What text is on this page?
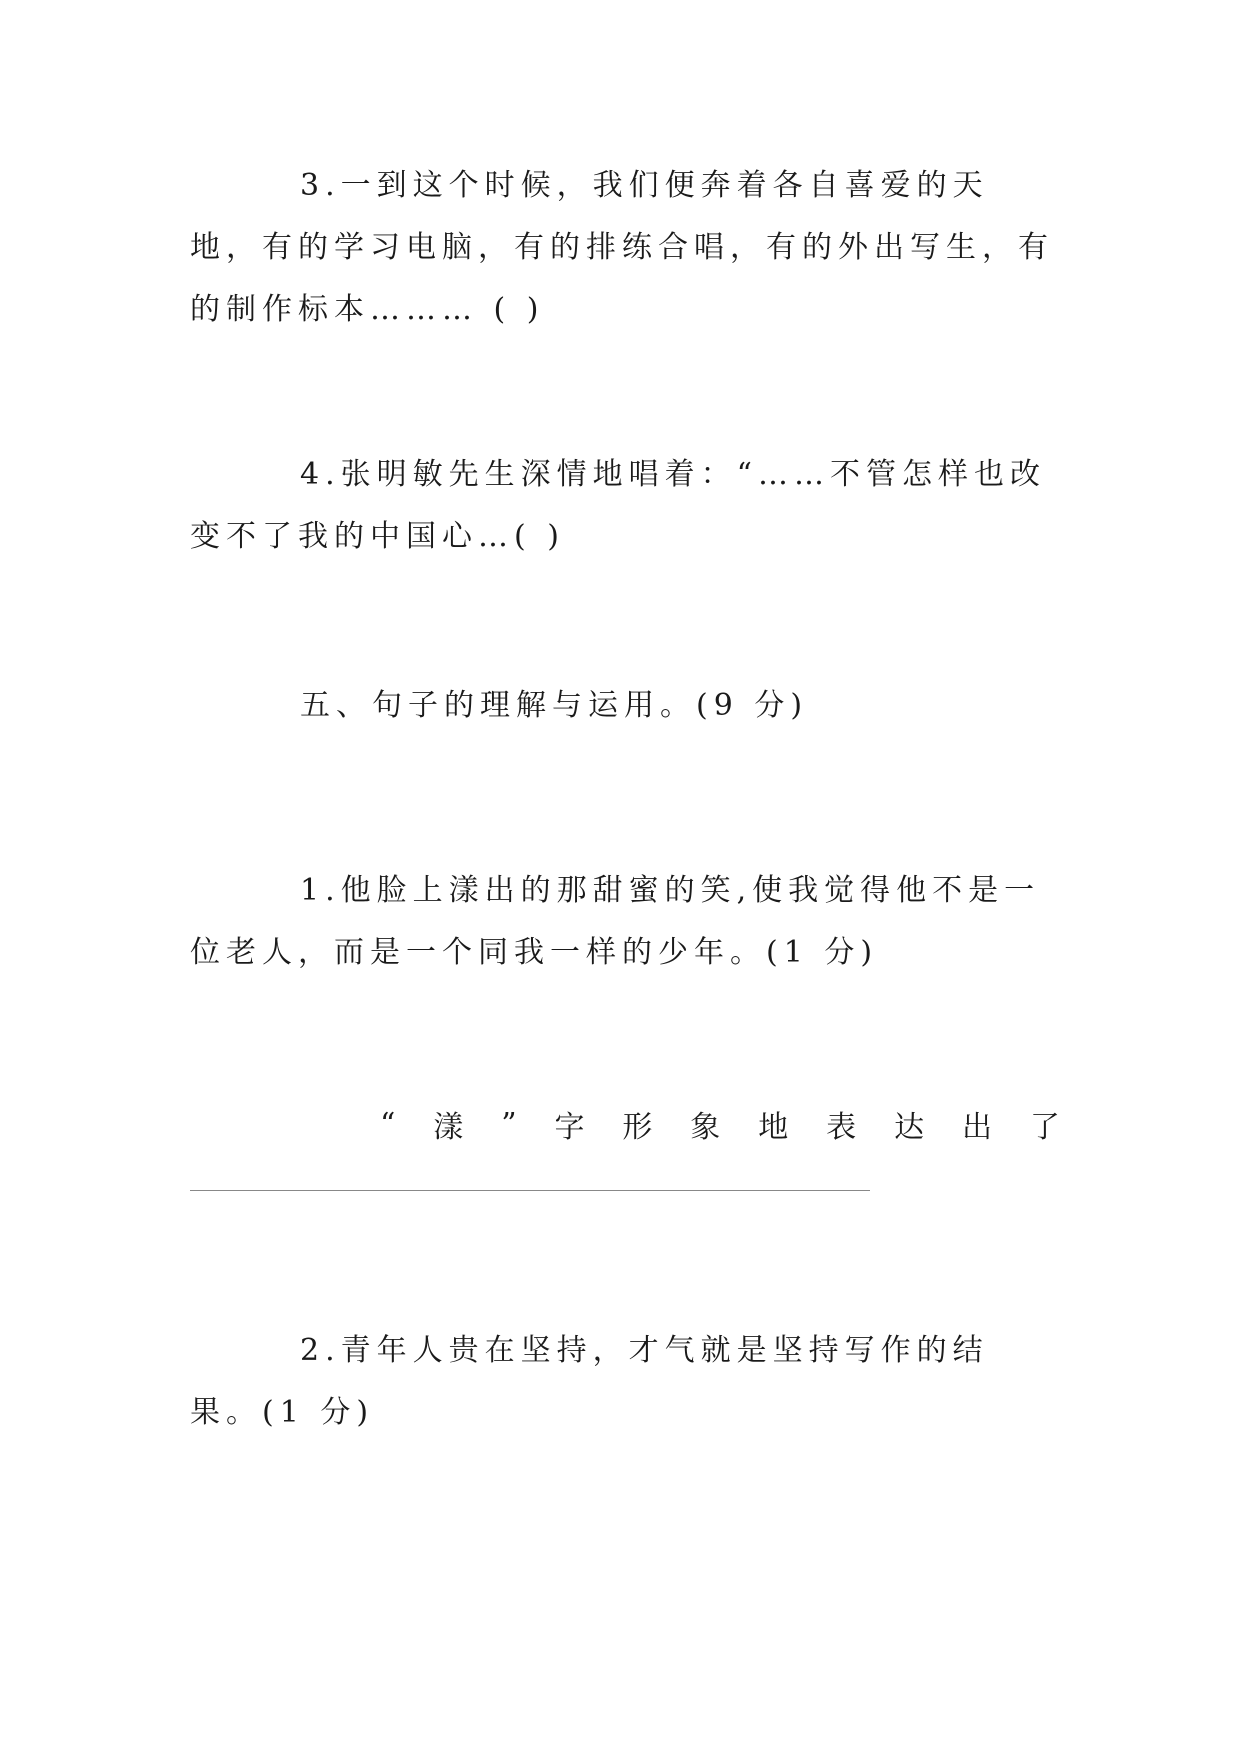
3.一到这个时候，我们便奔着各自喜爱的天地，有的学习电脑，有的排练合唱，有的外出写生，有的制作标本……… ( )

4.张明敏先生深情地唱着：“……不管怎样也改变不了我的中国心…( )

五、句子的理解与运用。(9 分)

1.他脸上漾出的那甜蜜的笑,使我觉得他不是一位老人，而是一个同我一样的少年。(1 分)

“ 漾 ” 字 形 象 地 表 达 出 了

2.青年人贵在坚持，才气就是坚持写作的结果。(1 分)
